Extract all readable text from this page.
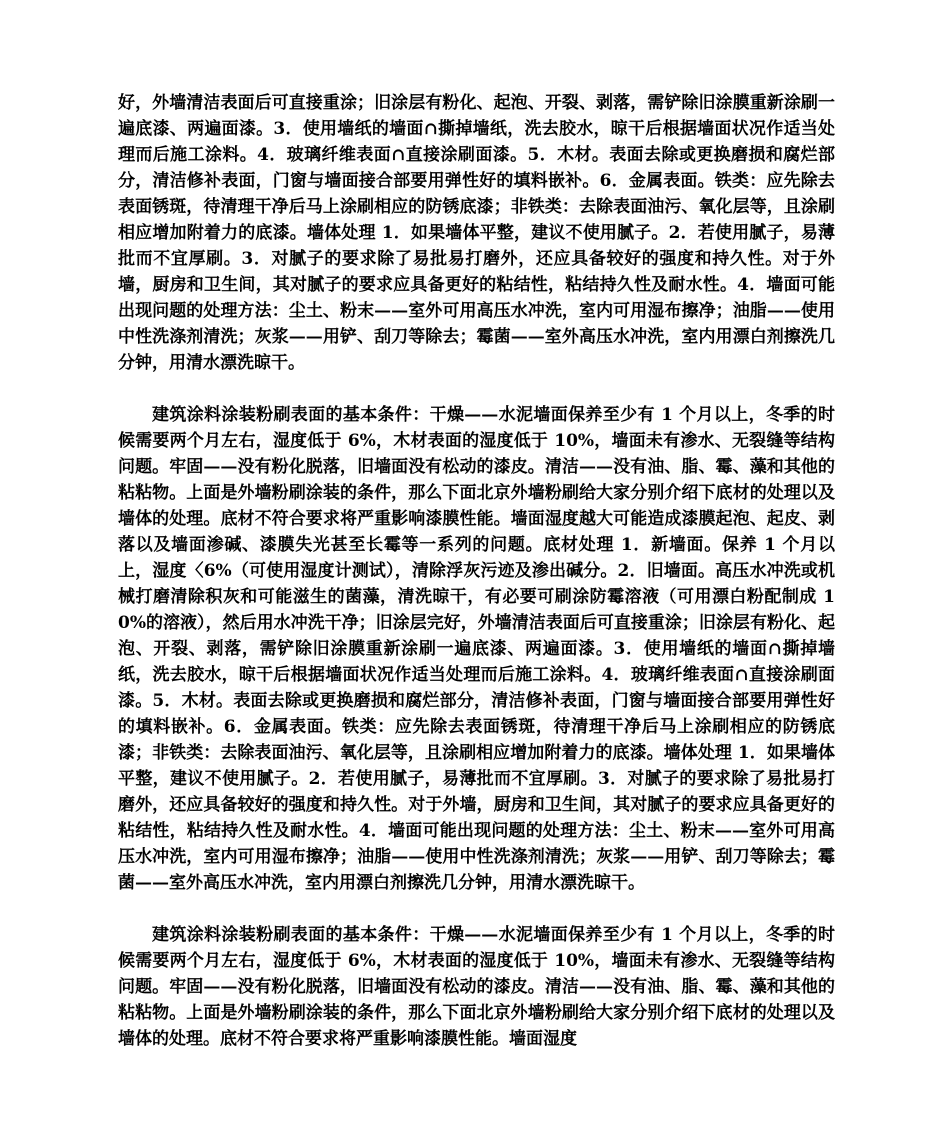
好，外墙清洁表面后可直接重涂；旧涂层有粉化、起泡、开裂、剥落，需铲除旧涂膜重新涂刷一遍底漆、两遍面漆。3．使用墙纸的墙面∩撕掉墙纸，洗去胶水，晾干后根据墙面状况作适当处理而后施工涂料。4．玻璃纤维表面∩直接涂刷面漆。5．木材。表面去除或更换磨损和腐烂部分，清洁修补表面，门窗与墙面接合部要用弹性好的填料嵌补。6．金属表面。铁类：应先除去表面锈斑，待清理干净后马上涂刷相应的防锈底漆；非铁类：去除表面油污、氧化层等，且涂刷相应增加附着力的底漆。墙体处理 1．如果墙体平整，建议不使用腻子。2．若使用腻子，易薄批而不宜厚刷。3．对腻子的要求除了易批易打磨外，还应具备较好的强度和持久性。对于外墙，厨房和卫生间，其对腻子的要求应具备更好的粘结性，粘结持久性及耐水性。4．墙面可能出现问题的处理方法：尘土、粉末——室外可用高压水冲洗，室内可用湿布擦净；油脂——使用中性洗涤剂清洗；灰浆——用铲、刮刀等除去；霉菌——室外高压水冲洗，室内用漂白剂擦洗几分钟，用清水漂洗晾干。

建筑涂料涂装粉刷表面的基本条件：干燥——水泥墙面保养至少有 1 个月以上，冬季的时候需要两个月左右，湿度低于 6%，木材表面的湿度低于 10%，墙面未有渗水、无裂缝等结构问题。牢固——没有粉化脱落，旧墙面没有松动的漆皮。清洁——没有油、脂、霉、藻和其他的粘粘物。上面是外墙粉刷涂装的条件，那么下面北京外墙粉刷给大家分别介绍下底材的处理以及墙体的处理。底材不符合要求将严重影响漆膜性能。墙面湿度越大可能造成漆膜起泡、起皮、剥落以及墙面渗碱、漆膜失光甚至长霉等一系列的问题。底材处理 1．新墙面。保养 1 个月以上，湿度〈6%（可使用湿度计测试），清除浮灰污迹及渗出碱分。2．旧墙面。高压水冲洗或机械打磨清除积灰和可能滋生的菌藻，清洗晾干，有必要可刷涂防霉溶液（可用漂白粉配制成 10%的溶液），然后用水冲洗干净；旧涂层完好，外墙清洁表面后可直接重涂；旧涂层有粉化、起泡、开裂、剥落，需铲除旧涂膜重新涂刷一遍底漆、两遍面漆。3．使用墙纸的墙面∩撕掉墙纸，洗去胶水，晾干后根据墙面状况作适当处理而后施工涂料。4．玻璃纤维表面∩直接涂刷面漆。5．木材。表面去除或更换磨损和腐烂部分，清洁修补表面，门窗与墙面接合部要用弹性好的填料嵌补。6．金属表面。铁类：应先除去表面锈斑，待清理干净后马上涂刷相应的防锈底漆；非铁类：去除表面油污、氧化层等，且涂刷相应增加附着力的底漆。墙体处理 1．如果墙体平整，建议不使用腻子。2．若使用腻子，易薄批而不宜厚刷。3．对腻子的要求除了易批易打磨外，还应具备较好的强度和持久性。对于外墙，厨房和卫生间，其对腻子的要求应具备更好的粘结性，粘结持久性及耐水性。4．墙面可能出现问题的处理方法：尘土、粉末——室外可用高压水冲洗，室内可用湿布擦净；油脂——使用中性洗涤剂清洗；灰浆——用铲、刮刀等除去；霉菌——室外高压水冲洗，室内用漂白剂擦洗几分钟，用清水漂洗晾干。

建筑涂料涂装粉刷表面的基本条件：干燥——水泥墙面保养至少有 1 个月以上，冬季的时候需要两个月左右，湿度低于 6%，木材表面的湿度低于 10%，墙面未有渗水、无裂缝等结构问题。牢固——没有粉化脱落，旧墙面没有松动的漆皮。清洁——没有油、脂、霉、藻和其他的粘粘物。上面是外墙粉刷涂装的条件，那么下面北京外墙粉刷给大家分别介绍下底材的处理以及墙体的处理。底材不符合要求将严重影响漆膜性能。墙面湿度
